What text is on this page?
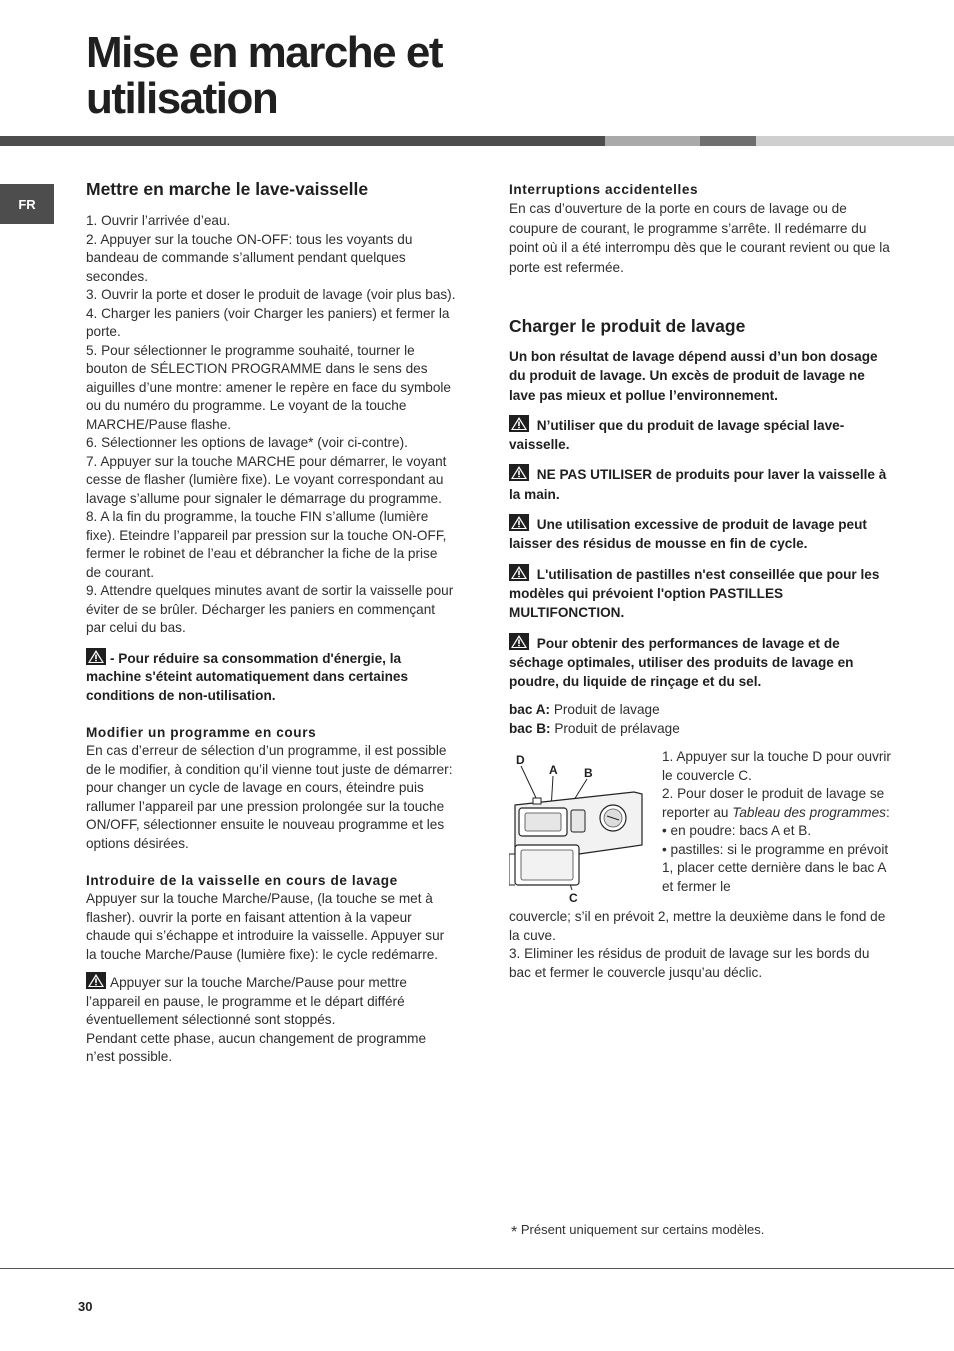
Mise en marche et
utilisation
FR
Mettre en marche le lave-vaisselle

1. Ouvrir l’arrivée d’eau.

2. Appuyer sur la touche ON-OFF: tous les voyants du bandeau de commande s’allument pendant quelques secondes.

3. Ouvrir la porte et doser le produit de lavage (voir plus bas).

4. Charger les paniers (voir Charger les paniers) et fermer la porte.

5. Pour sélectionner le programme souhaité, tourner le bouton de SÉLECTION PROGRAMME dans le sens des aiguilles d’une montre: amener le repère en face du symbole ou du numéro du programme. Le voyant de la touche MARCHE/Pause flashe.

6. Sélectionner les options de lavage* (voir ci-contre).

7. Appuyer sur la touche MARCHE pour démarrer, le voyant cesse de flasher (lumière fixe). Le voyant correspondant au lavage s’allume pour signaler le démarrage du programme.

8. A la fin du programme, la touche FIN s’allume (lumière fixe). Eteindre l’appareil par pression sur la touche ON-OFF, fermer le robinet de l’eau et débrancher la fiche de la prise de courant.

9. Attendre quelques minutes avant de sortir la vaisselle pour éviter de se brûler. Décharger les paniers en commençant par celui du bas.

- Pour réduire sa consommation d'énergie, la machine s'éteint automatiquement dans certaines conditions de non-utilisation.

Modifier un programme en cours

En cas d’erreur de sélection d’un programme, il est possible de le modifier, à condition qu’il vienne tout juste de démarrer: pour changer un cycle de lavage en cours, éteindre puis rallumer l’appareil par une pression prolongée sur la touche ON/OFF, sélectionner ensuite le nouveau programme et les options désirées.

Introduire de la vaisselle en cours de lavage

Appuyer sur la touche Marche/Pause, (la touche se met à flasher). ouvrir la porte en faisant attention à la vapeur chaude qui s’échappe et introduire la vaisselle. Appuyer sur la touche Marche/Pause (lumière fixe): le cycle redémarre.

Appuyer sur la touche Marche/Pause pour mettre l’appareil en pause, le programme et le départ différé éventuellement sélectionné sont stoppés.

Pendant cette phase, aucun changement de programme n’est possible.

Interruptions accidentelles

En cas d’ouverture de la porte en cours de lavage ou de coupure de courant, le programme s’arrête. Il redémarre du point où il a été interrompu dès que le courant revient ou que la porte est refermée.

Charger le produit de lavage

Un bon résultat de lavage dépend aussi d’un bon dosage du produit de lavage. Un excès de produit de lavage ne lave pas mieux et pollue l’environnement.

N’utiliser que du produit de lavage spécial lave-vaisselle.

NE PAS UTILISER de produits pour laver la vaisselle à la main.

Une utilisation excessive de produit de lavage peut laisser des résidus de mousse en fin de cycle.

L'utilisation de pastilles n'est conseillée que pour les modèles qui prévoient l'option PASTILLES MULTIFONCTION.

Pour obtenir des performances de lavage et de séchage optimales, utiliser des produits de lavage en poudre, du liquide de rinçage et du sel.

bac A: Produit de lavage

bac B: Produit de prélavage

D
A B
C

1. Appuyer sur la touche D pour ouvrir le couvercle C.

2. Pour doser le produit de lavage se reporter au Tableau des programmes:

• en poudre: bacs A et B.

• pastilles: si le programme en prévoit 1, placer cette dernière dans le bac A et fermer le

couvercle; s’il en prévoit 2, mettre la deuxième dans le fond de la cuve.

3. Eliminer les résidus de produit de lavage sur les bords du bac et fermer le couvercle jusqu’au déclic.

* Présent uniquement sur certains modèles.
30
